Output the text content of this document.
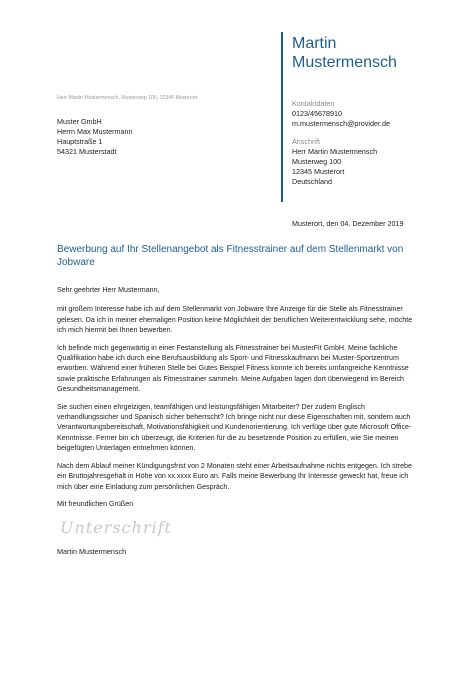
Martin
Mustermensch
Kontaktdaten
0123/45678910
m.mustermensch@provider.de
Anschrift
Herr Martin Mustermensch
Musterweg 100
12345 Musterort
Deutschland
Herr Martin Mustermensch, Musterweg 100, 12345 Musterort
Muster GmbH
Herrn Max Mustermann
Hauptstraße 1
54321 Musterstadt
Musterort, den 04. Dezember 2019
Bewerbung auf Ihr Stellenangebot als Fitnesstrainer auf dem Stellenmarkt von Jobware

Sehr geehrter Herr Mustermann,

mit großem Interesse habe ich auf dem Stellenmarkt von Jobware Ihre Anzeige für die Stelle als Fitnesstrainer gelesen. Da ich in meiner ehemaligen Position keine Möglichkeit der beruflichen Weiterentwicklung sehe, möchte ich mich hiermit bei Ihnen bewerben.

Ich befinde mich gegenwärtig in einer Festanstellung als Fitnesstrainer bei MusterFit GmbH. Meine fachliche Qualifikation habe ich durch eine Berufsausbildung als Sport- und Fitnesskaufmann bei Muster-Sportzentrum erworben. Während einer früheren Stelle bei Gutes Beispiel Fitness konnte ich bereits umfangreiche Kenntnisse sowie praktische Erfahrungen als Fitnesstrainer sammeln. Meine Aufgaben lagen dort überwiegend im Bereich Gesundheitsmanagement.

Sie suchen einen ehrgeizigen, teamfähigen und leistungsfähigen Mitarbeiter? Der zudem Englisch verhandlungssicher und Spanisch sicher beherrscht? Ich bringe nicht nur diese Eigenschaften mit, sondern auch Verantwortungsbereitschaft, Motivationsfähigkeit und Kundenorientierung. Ich verfüge über gute Microsoft Office-Kenntnisse. Ferner bin ich überzeugt, die Kriterien für die zu besetzende Position zu erfüllen, wie Sie meinen beigefügten Unterlagen entnehmen können.

Nach dem Ablauf meiner Kündigungsfrist von 2 Monaten steht einer Arbeitsaufnahme nichts entgegen. Ich strebe ein Bruttojahresgehalt in Höhe von xx.xxxx Euro an. Falls meine Bewerbung Ihr Interesse geweckt hat, freue ich mich über eine Einladung zum persönlichen Gespräch.

Mit freundlichen Grüßen

Unterschrift
Martin Mustermensch
